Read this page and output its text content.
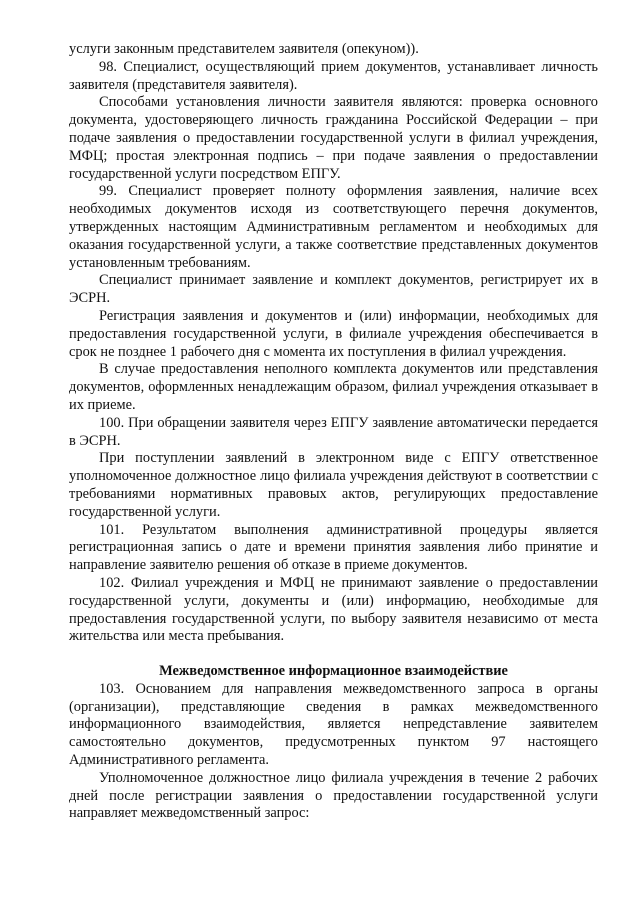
услуги законным представителем заявителя (опекуном)).

98. Специалист, осуществляющий прием документов, устанавливает личность заявителя (представителя заявителя).

Способами установления личности заявителя являются: проверка основного документа, удостоверяющего личность гражданина Российской Федерации – при подаче заявления о предоставлении государственной услуги в филиал учреждения, МФЦ; простая электронная подпись – при подаче заявления о предоставлении государственной услуги посредством ЕПГУ.

99. Специалист проверяет полноту оформления заявления, наличие всех необходимых документов исходя из соответствующего перечня документов, утвержденных настоящим Административным регламентом и необходимых для оказания государственной услуги, а также соответствие представленных документов установленным требованиям.

Специалист принимает заявление и комплект документов, регистрирует их в ЭСРН.

Регистрация заявления и документов и (или) информации, необходимых для предоставления государственной услуги, в филиале учреждения обеспечивается в срок не позднее 1 рабочего дня с момента их поступления в филиал учреждения.

В случае предоставления неполного комплекта документов или представления документов, оформленных ненадлежащим образом, филиал учреждения отказывает в их приеме.

100. При обращении заявителя через ЕПГУ заявление автоматически передается в ЭСРН.

При поступлении заявлений в электронном виде с ЕПГУ ответственное уполномоченное должностное лицо филиала учреждения действуют в соответствии с требованиями нормативных правовых актов, регулирующих предоставление государственной услуги.

101. Результатом выполнения административной процедуры является регистрационная запись о дате и времени принятия заявления либо принятие и направление заявителю решения об отказе в приеме документов.

102. Филиал учреждения и МФЦ не принимают заявление о предоставлении государственной услуги, документы и (или) информацию, необходимые для предоставления государственной услуги, по выбору заявителя независимо от места жительства или места пребывания.

Межведомственное информационное взаимодействие

103. Основанием для направления межведомственного запроса в органы (организации), представляющие сведения в рамках межведомственного информационного взаимодействия, является непредставление заявителем самостоятельно документов, предусмотренных пунктом 97 настоящего Административного регламента.

Уполномоченное должностное лицо филиала учреждения в течение 2 рабочих дней после регистрации заявления о предоставлении государственной услуги направляет межведомственный запрос:
